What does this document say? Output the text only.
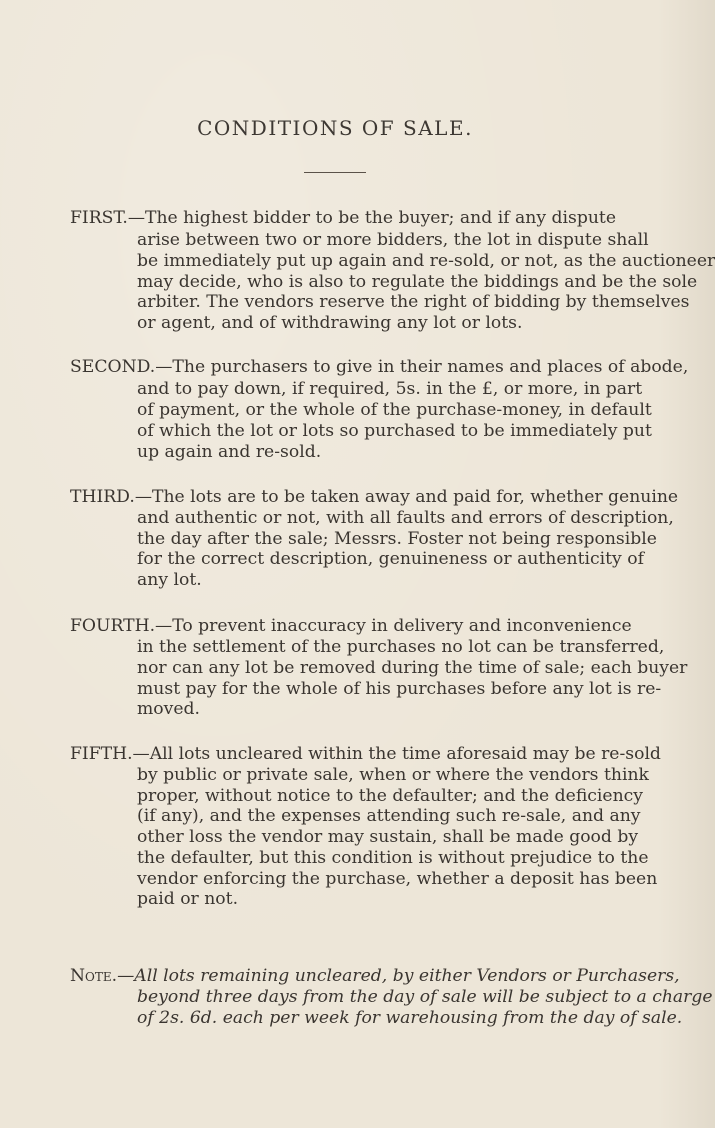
CONDITIONS OF SALE.
FIRST.—The highest bidder to be the buyer; and if any dispute
arise between two or more bidders, the lot in dispute shall
be immediately put up again and re-sold, or not, as the auctioneer
may decide, who is also to regulate the biddings and be the sole
arbiter. The vendors reserve the right of bidding by themselves
or agent, and of withdrawing any lot or lots.
SECOND.—The purchasers to give in their names and places of abode,
and to pay down, if required, 5s. in the £, or more, in part
of payment, or the whole of the purchase-money, in default
of which the lot or lots so purchased to be immediately put
up again and re-sold.
THIRD.—The lots are to be taken away and paid for, whether genuine
and authentic or not, with all faults and errors of description,
the day after the sale; Messrs. Foster not being responsible
for the correct description, genuineness or authenticity of
any lot.
FOURTH.—To prevent inaccuracy in delivery and inconvenience
in the settlement of the purchases no lot can be transferred,
nor can any lot be removed during the time of sale; each buyer
must pay for the whole of his purchases before any lot is re-
moved.
FIFTH.—All lots uncleared within the time aforesaid may be re-sold
by public or private sale, when or where the vendors think
proper, without notice to the defaulter; and the deficiency
(if any), and the expenses attending such re-sale, and any
other loss the vendor may sustain, shall be made good by
the defaulter, but this condition is without prejudice to the
vendor enforcing the purchase, whether a deposit has been
paid or not.
Note.—All lots remaining uncleared, by either Vendors or Purchasers,
beyond three days from the day of sale will be subject to a charge
of 2s. 6d. each per week for warehousing from the day of sale.
